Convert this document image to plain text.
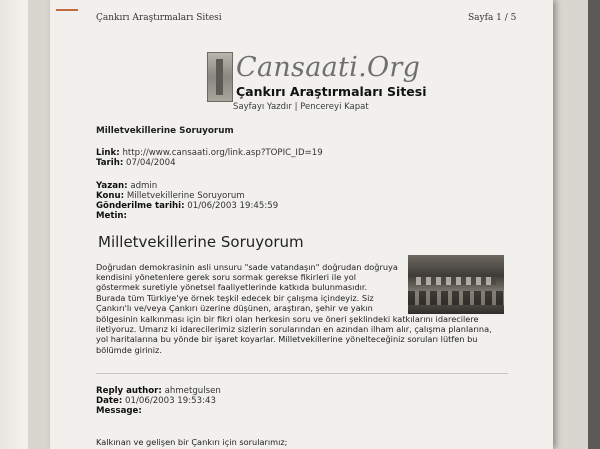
Çankırı Araştırmaları Sitesi	Sayfa 1 / 5
Cansaati.Org
Çankırı Araştırmaları Sitesi
Sayfayı Yazdır | Pencereyi Kapat
Milletvekillerine Soruyorum
Link: http://www.cansaati.org/link.asp?TOPIC_ID=19
Tarih: 07/04/2004
Yazan: admin
Konu: Milletvekillerine Soruyorum
Gönderilme tarihi: 01/06/2003 19:45:59
Metin:
Milletvekillerine Soruyorum
Doğrudan demokrasinin asli unsuru "sade vatandaşın" doğrudan doğruya
kendisini yönetenlere gerek soru sormak gerekse fikirleri ile yol
göstermek suretiyle yönetsel faaliyetlerinde katkıda bulunmasıdır.
Burada tüm Türkiye'ye örnek teşkil edecek bir çalışma içindeyiz. Siz
Çankırı'lı ve/veya Çankırı üzerine düşünen, araştıran, şehir ve yakın
bölgesinin kalkınması için bir fikri olan herkesin soru ve öneri şeklindeki katkılarını idarecilere
iletiyoruz. Umarız ki idarecilerimiz sizlerin sorularından en azından ilham alır, çalışma planlarına,
yol haritalarına bu yönde bir işaret koyarlar. Milletvekillerine yönelteceğiniz soruları lütfen bu
bölümde giriniz.
Reply author: ahmetgulsen
Date: 01/06/2003 19:53:43
Message:
Kalkınan ve gelişen bir Çankırı için sorularımız;
